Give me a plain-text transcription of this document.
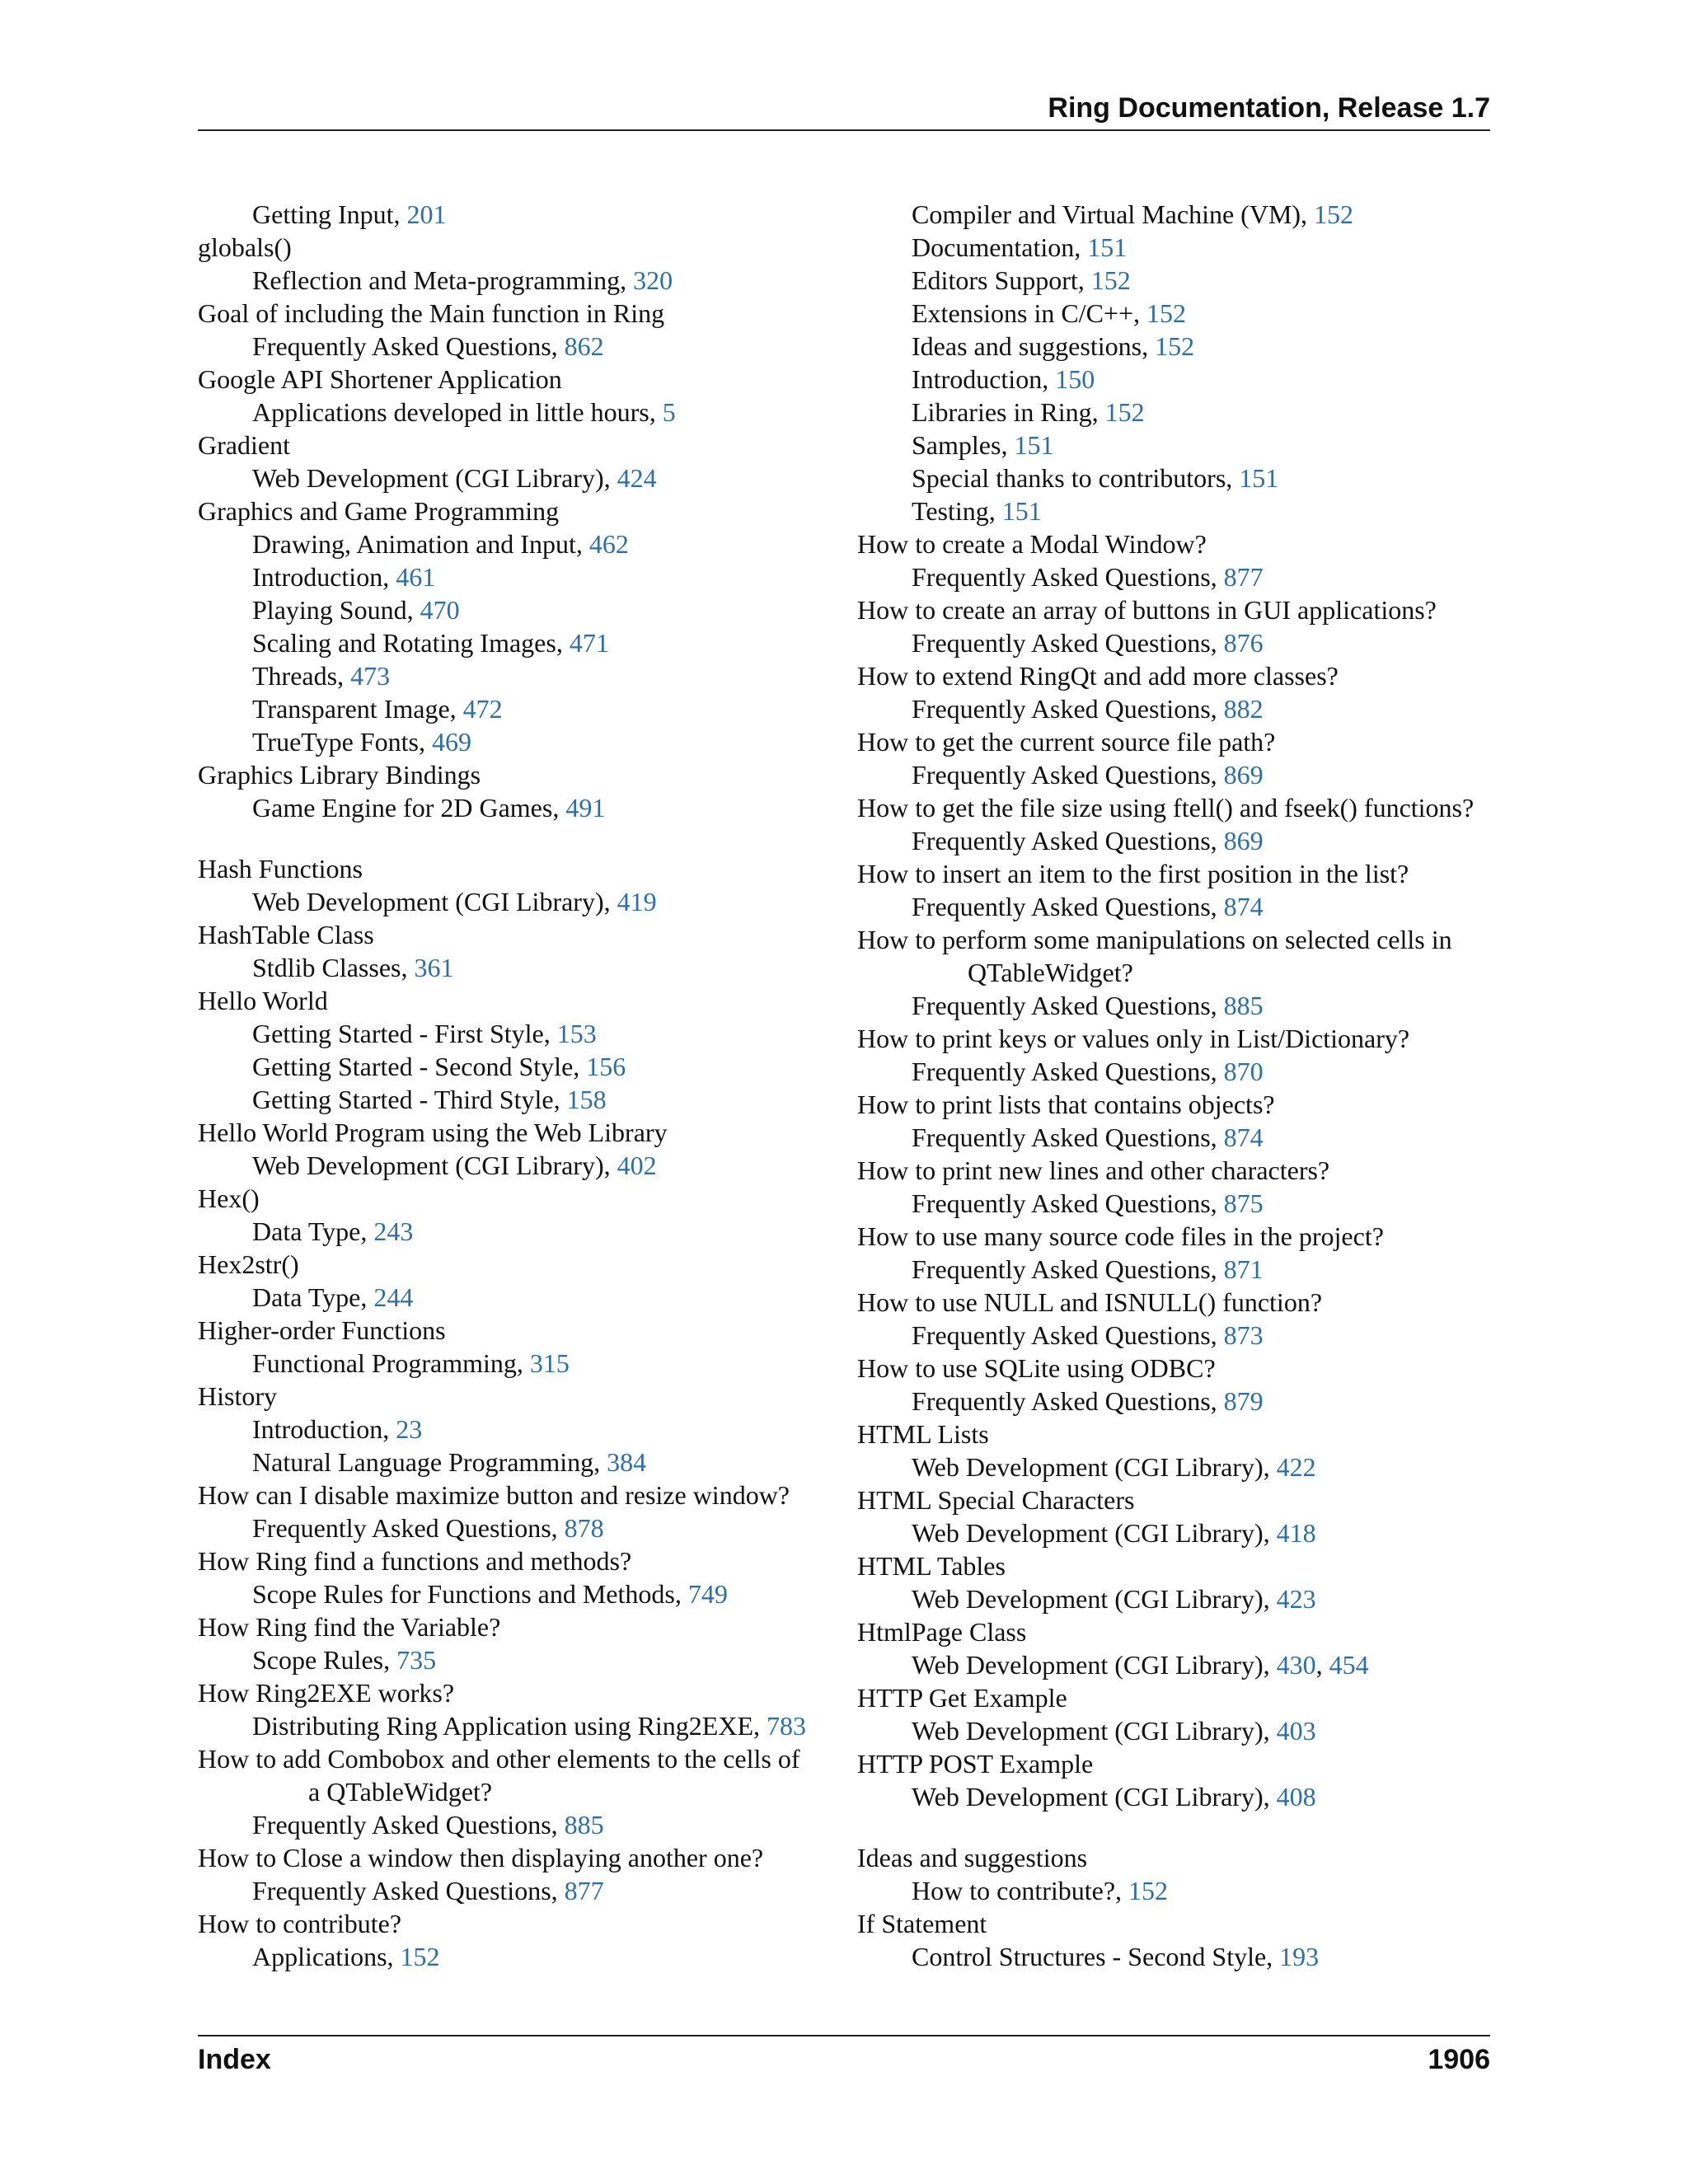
Ring Documentation, Release 1.7
Getting Input, 201
globals()
Reflection and Meta-programming, 320
Goal of including the Main function in Ring
Frequently Asked Questions, 862
Google API Shortener Application
Applications developed in little hours, 5
Gradient
Web Development (CGI Library), 424
Graphics and Game Programming
Drawing, Animation and Input, 462
Introduction, 461
Playing Sound, 470
Scaling and Rotating Images, 471
Threads, 473
Transparent Image, 472
TrueType Fonts, 469
Graphics Library Bindings
Game Engine for 2D Games, 491
Hash Functions
Web Development (CGI Library), 419
HashTable Class
Stdlib Classes, 361
Hello World
Getting Started - First Style, 153
Getting Started - Second Style, 156
Getting Started - Third Style, 158
Hello World Program using the Web Library
Web Development (CGI Library), 402
Hex()
Data Type, 243
Hex2str()
Data Type, 244
Higher-order Functions
Functional Programming, 315
History
Introduction, 23
Natural Language Programming, 384
How can I disable maximize button and resize window?
Frequently Asked Questions, 878
How Ring find a functions and methods?
Scope Rules for Functions and Methods, 749
How Ring find the Variable?
Scope Rules, 735
How Ring2EXE works?
Distributing Ring Application using Ring2EXE, 783
How to add Combobox and other elements to the cells of
a QTableWidget?
Frequently Asked Questions, 885
How to Close a window then displaying another one?
Frequently Asked Questions, 877
How to contribute?
Applications, 152
Compiler and Virtual Machine (VM), 152
Documentation, 151
Editors Support, 152
Extensions in C/C++, 152
Ideas and suggestions, 152
Introduction, 150
Libraries in Ring, 152
Samples, 151
Special thanks to contributors, 151
Testing, 151
How to create a Modal Window?
Frequently Asked Questions, 877
How to create an array of buttons in GUI applications?
Frequently Asked Questions, 876
How to extend RingQt and add more classes?
Frequently Asked Questions, 882
How to get the current source file path?
Frequently Asked Questions, 869
How to get the file size using ftell() and fseek() functions?
Frequently Asked Questions, 869
How to insert an item to the first position in the list?
Frequently Asked Questions, 874
How to perform some manipulations on selected cells in
QTableWidget?
Frequently Asked Questions, 885
How to print keys or values only in List/Dictionary?
Frequently Asked Questions, 870
How to print lists that contains objects?
Frequently Asked Questions, 874
How to print new lines and other characters?
Frequently Asked Questions, 875
How to use many source code files in the project?
Frequently Asked Questions, 871
How to use NULL and ISNULL() function?
Frequently Asked Questions, 873
How to use SQLite using ODBC?
Frequently Asked Questions, 879
HTML Lists
Web Development (CGI Library), 422
HTML Special Characters
Web Development (CGI Library), 418
HTML Tables
Web Development (CGI Library), 423
HtmlPage Class
Web Development (CGI Library), 430, 454
HTTP Get Example
Web Development (CGI Library), 403
HTTP POST Example
Web Development (CGI Library), 408
Ideas and suggestions
How to contribute?, 152
If Statement
Control Structures - Second Style, 193
Index	1906
